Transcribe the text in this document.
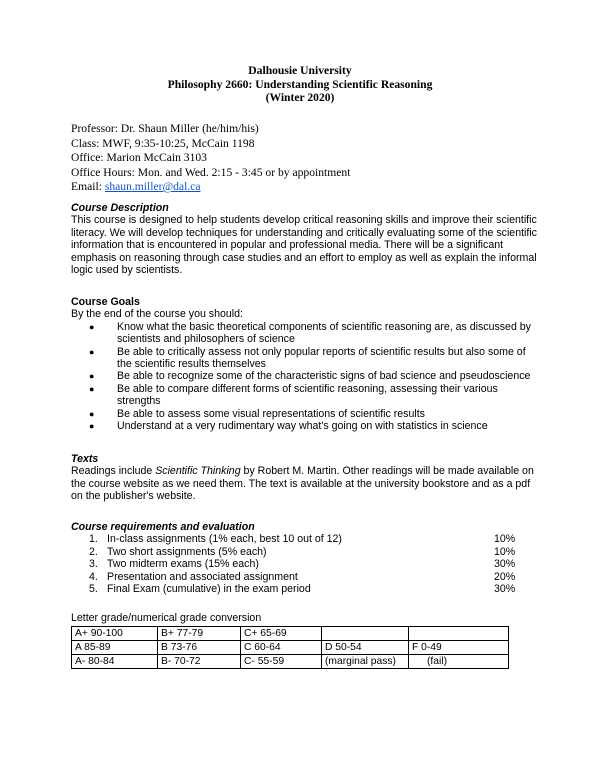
Dalhousie University
Philosophy 2660: Understanding Scientific Reasoning
(Winter 2020)
Professor: Dr. Shaun Miller (he/him/his)
Class: MWF, 9:35-10:25, McCain 1198
Office: Marion McCain 3103
Office Hours: Mon. and Wed. 2:15 - 3:45 or by appointment
Email: shaun.miller@dal.ca
Course Description

This course is designed to help students develop critical reasoning skills and improve their scientific literacy. We will develop techniques for understanding and critically evaluating some of the scientific information that is encountered in popular and professional media. There will be a significant emphasis on reasoning through case studies and an effort to employ as well as explain the informal logic used by scientists.

Course Goals
By the end of the course you should:
● Know what the basic theoretical components of scientific reasoning are, as discussed by scientists and philosophers of science
● Be able to critically assess not only popular reports of scientific results but also some of the scientific results themselves
● Be able to recognize some of the characteristic signs of bad science and pseudoscience
● Be able to compare different forms of scientific reasoning, assessing their various strengths
● Be able to assess some visual representations of scientific results
● Understand at a very rudimentary way what's going on with statistics in science
Texts

Readings include Scientific Thinking by Robert M. Martin. Other readings will be made available on the course website as we need them. The text is available at the university bookstore and as a pdf on the publisher's website.

Course requirements and evaluation
1. In-class assignments (1% each, best 10 out of 12)	10%
2. Two short assignments (5% each)	10%
3. Two midterm exams (15% each)	30%
4. Presentation and associated assignment	20%
5. Final Exam (cumulative) in the exam period	30%
Letter grade/numerical grade conversion
A+ 90-100	B+ 77-79	C+ 65-69		
A 85-89	B 73-76	C 60-64	D 50-54	F 0-49
A- 80-84	B- 70-72	C- 55-59	(marginal pass)	(fail)
